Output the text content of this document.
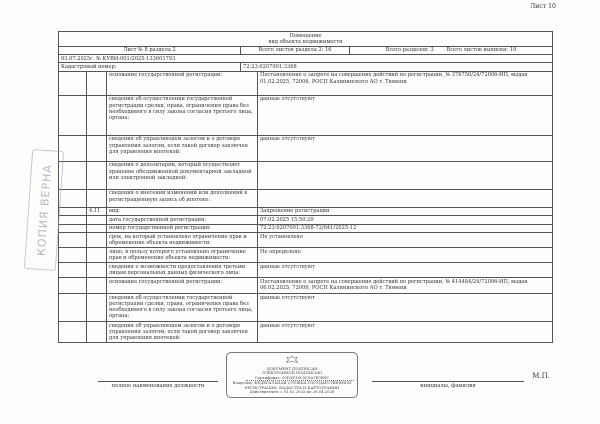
Лист 10
Помещение
вид объекта недвижимости					
Лист № 8 раздела 2			Всего листов раздела 2: 16		Всего разделов: 3 Всего листов выписки: 19
03.07.2025г. № КУВИ-001/2025-133601793					
Кадастровый номер:			72:23:0207001:3368		
		основание государственной регистрации:		Постановление о запрете на совершение действий по регистрации, № 376750/24/72006-ИП, выдан 01.02.2025, 72006, РОСП Калининского АО г. Тюмени	
		сведения об осуществлении государственной регистрации сделки, права, ограничения права без необходимого в силу закона согласия третьего лица, органа:		данные отсутствуют	
		сведения об управляющем залогом и о договоре управления залогом, если такой договор заключен для управления ипотекой:		данные отсутствуют	
		сведения о депозитарии, который осуществляет хранение обездвиженной документарной закладной или электронной закладной:			
		сведения о внесении изменений или дополнений в регистрационную запись об ипотеке:			
	4.11	вид:		Запрещение регистрации	
		дата государственной регистрации:		07.02.2025 15:50:20	
		номер государственной регистрации:		72:23:0207001:3368-72/041/2025-12	
		срок, на который установлено ограничение прав и обременение объекта недвижимости:		Не установлено	
		лицо, в пользу которого установлено ограничение прав и обременение объекта недвижимости:		Не определено	
		сведения о возможности предоставления третьим лицам персональных данных физического лица:		данные отсутствуют	
		основание государственной регистрации:		Постановление о запрете на совершение действий по регистрации, № 414484/24/72006-ИП, выдан 06.02.2025, 72006, РОСП Калининского АО г. Тюмени	
		сведения об осуществлении государственной регистрации сделки, права, ограничения права без необходимого в силу закона согласия третьего лица, органа:		данные отсутствуют	
		сведения об управляющем залогом и о договоре управления залогом, если такой договор заключен для управления ипотекой:		данные отсутствуют	
КОПИЯ ВЕРНА
ДОКУМЕНТ ПОДПИСАН
ЭЛЕКТРОННОЙ ПОДПИСЬЮ
Сертификат: 00D5E16C0C8A7E3B9C
Владелец: ФЕДЕРАЛЬНАЯ СЛУЖБА ГОСУДАРСТВЕННОЙ
РЕГИСТРАЦИИ, КАДАСТРА И КАРТОГРАФИИ
Действителен: с 01.02.2025 по 28.04.2026
полное наименование должности	инициалы, фамилия
М.П.
